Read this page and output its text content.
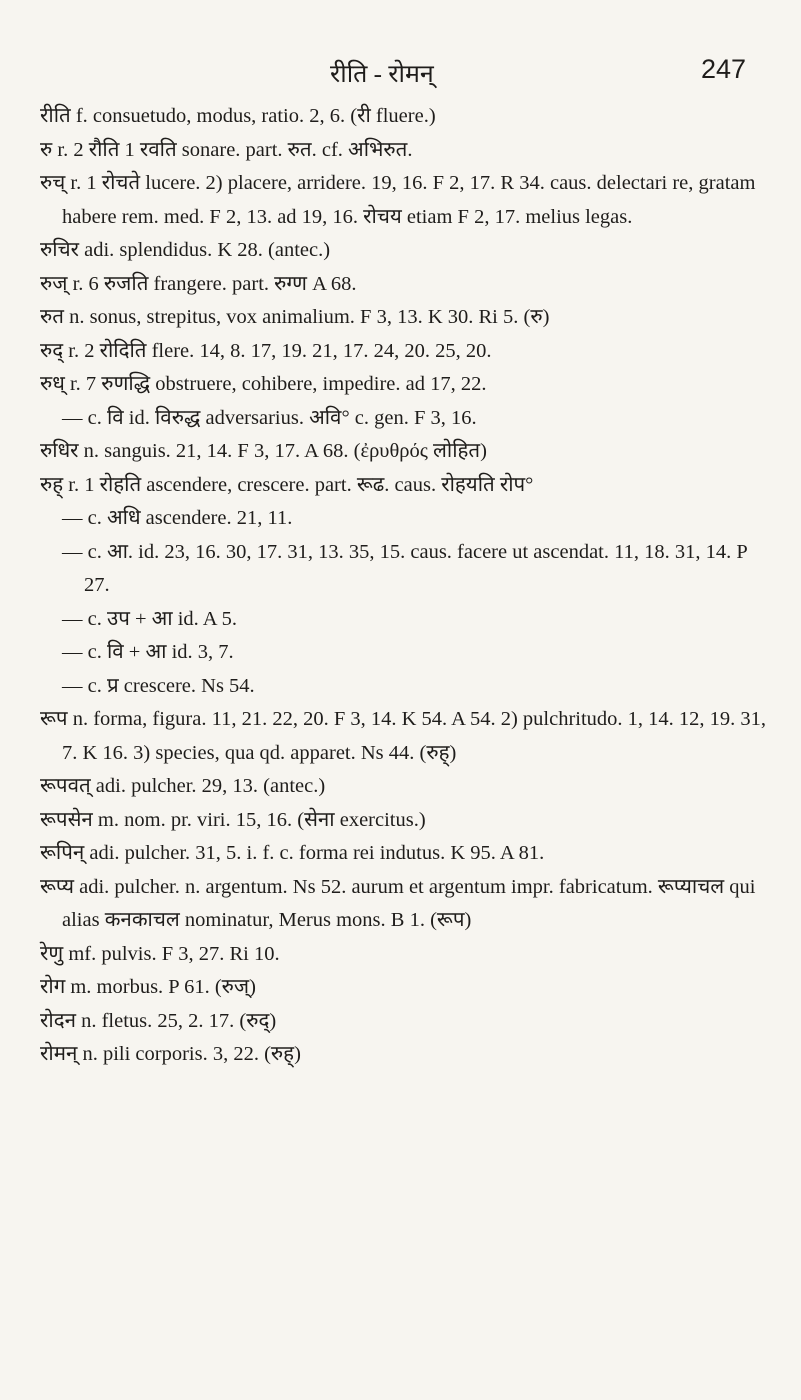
रीति - रोमन्	247
रीति f. consuetudo, modus, ratio. 2, 6. (री fluere.)
रु r. 2 रौति 1 रवति sonare. part. रुत. cf. अभिरुत.
रुच् r. 1 रोचते lucere. 2) placere, arridere. 19, 16. F 2, 17. R 34. caus. delectari re, gratam habere rem. med. F 2, 13. ad 19, 16. रोचय etiam F 2, 17. melius legas.
रुचिर adi. splendidus. K 28. (antec.)
रुज् r. 6 रुजति frangere. part. रुग्ण A 68.
रुत n. sonus, strepitus, vox animalium. F 3, 13. K 30. Ri 5. (रु)
रुद् r. 2 रोदिति flere. 14, 8. 17, 19. 21, 17. 24, 20. 25, 20.
रुध् r. 7 रुणद्धि obstruere, cohibere, impedire. ad 17, 22.
— c. वि id. विरुद्ध adversarius. अवि° c. gen. F 3, 16.
रुधिर n. sanguis. 21, 14. F 3, 17. A 68. (ἐρυθρός लोहित)
रुह् r. 1 रोहति ascendere, crescere. part. रूढ. caus. रोहयति रोप°
— c. अधि ascendere. 21, 11.
— c. आ. id. 23, 16. 30, 17. 31, 13. 35, 15. caus. facere ut ascendat. 11, 18. 31, 14. P 27.
— c. उप + आ id. A 5.
— c. वि + आ id. 3, 7.
— c. प्र crescere. Ns 54.
रूप n. forma, figura. 11, 21. 22, 20. F 3, 14. K 54. A 54. 2) pulchritudo. 1, 14. 12, 19. 31, 7. K 16. 3) species, qua qd. apparet. Ns 44. (रुह्)
रूपवत् adi. pulcher. 29, 13. (antec.)
रूपसेन m. nom. pr. viri. 15, 16. (सेना exercitus.)
रूपिन् adi. pulcher. 31, 5. i. f. c. forma rei indutus. K 95. A 81.
रूप्य adi. pulcher. n. argentum. Ns 52. aurum et argentum impr. fabricatum. रूप्याचल qui alias कनकाचल nominatur, Merus mons. B 1. (रूप)
रेणु mf. pulvis. F 3, 27. Ri 10.
रोग m. morbus. P 61. (रुज्)
रोदन n. fletus. 25, 2. 17. (रुद्)
रोमन् n. pili corporis. 3, 22. (रुह्)
